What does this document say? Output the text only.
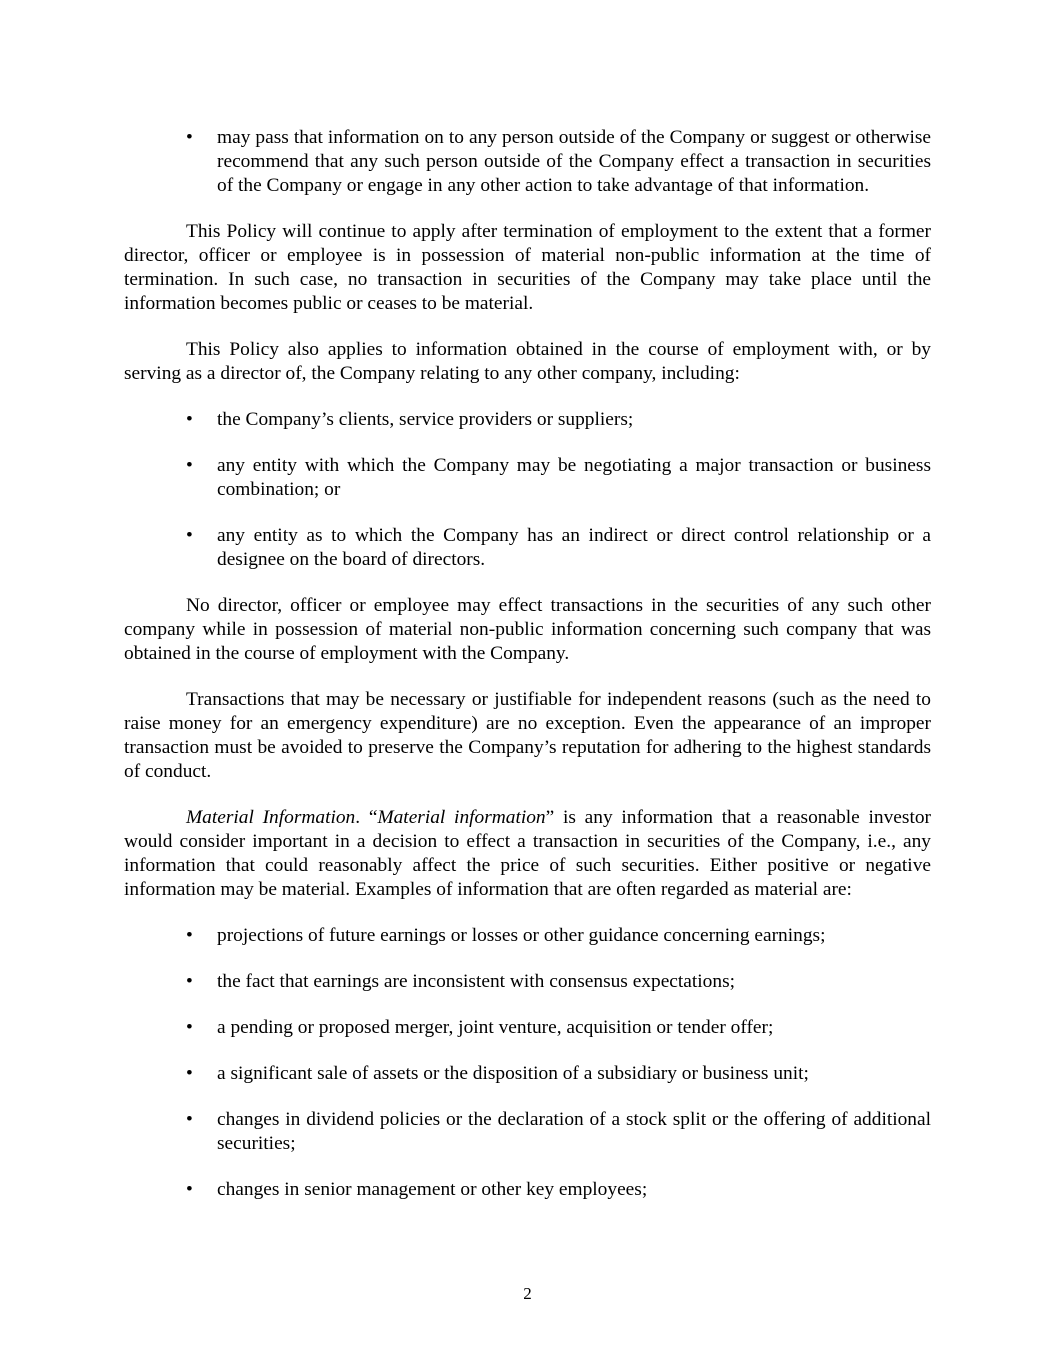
•	may pass that information on to any person outside of the Company or suggest or otherwise recommend that any such person outside of the Company effect a transaction in securities of the Company or engage in any other action to take advantage of that information.

This Policy will continue to apply after termination of employment to the extent that a former director, officer or employee is in possession of material non-public information at the time of termination. In such case, no transaction in securities of the Company may take place until the information becomes public or ceases to be material.

This Policy also applies to information obtained in the course of employment with, or by serving as a director of, the Company relating to any other company, including:

•	the Company’s clients, service providers or suppliers;
•	any entity with which the Company may be negotiating a major transaction or business combination; or
•	any entity as to which the Company has an indirect or direct control relationship or a designee on the board of directors.

No director, officer or employee may effect transactions in the securities of any such other company while in possession of material non-public information concerning such company that was obtained in the course of employment with the Company.

Transactions that may be necessary or justifiable for independent reasons (such as the need to raise money for an emergency expenditure) are no exception. Even the appearance of an improper transaction must be avoided to preserve the Company’s reputation for adhering to the highest standards of conduct.

Material Information. “Material information” is any information that a reasonable investor would consider important in a decision to effect a transaction in securities of the Company, i.e., any information that could reasonably affect the price of such securities. Either positive or negative information may be material. Examples of information that are often regarded as material are:

•	projections of future earnings or losses or other guidance concerning earnings;
•	the fact that earnings are inconsistent with consensus expectations;
•	a pending or proposed merger, joint venture, acquisition or tender offer;
•	a significant sale of assets or the disposition of a subsidiary or business unit;
•	changes in dividend policies or the declaration of a stock split or the offering of additional securities;
•	changes in senior management or other key employees;
2
